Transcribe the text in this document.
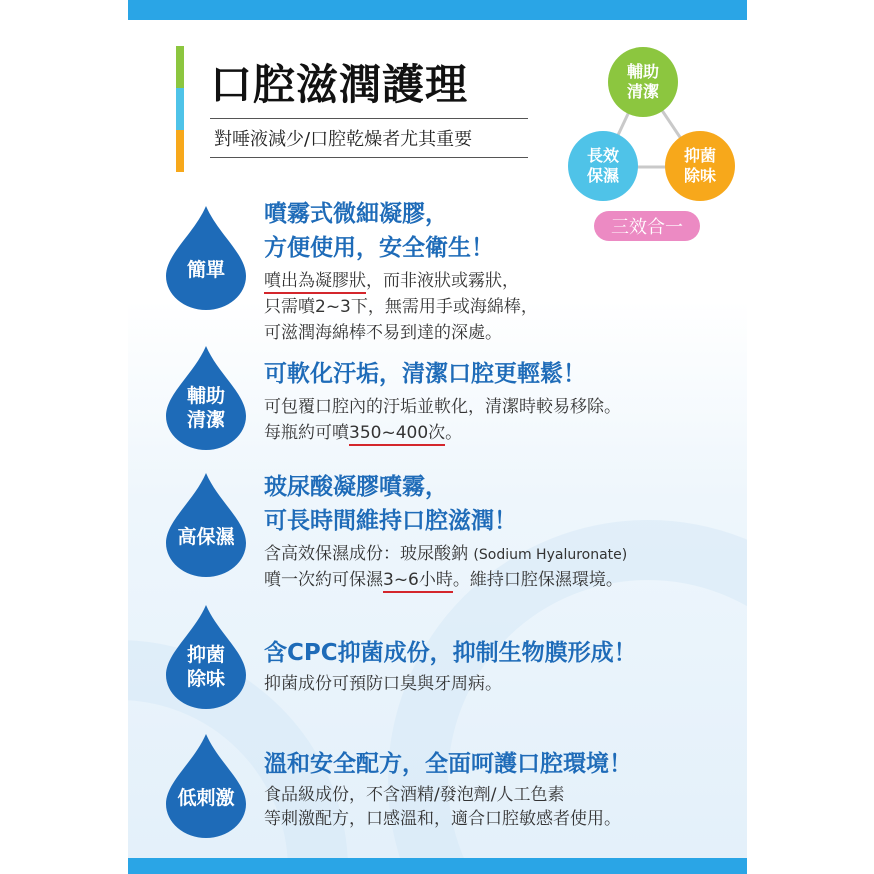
口腔滋潤護理
對唾液減少/口腔乾燥者尤其重要
輔助
清潔
長效
保濕
抑菌
除味
三效合一
簡單
噴霧式微細凝膠，
方便使用，安全衛生！
噴出為凝膠狀，而非液狀或霧狀，
只需噴2~3下，無需用手或海綿棒，
可滋潤海綿棒不易到達的深處。
輔助
清潔
可軟化汙垢，清潔口腔更輕鬆！
可包覆口腔內的汙垢並軟化，清潔時較易移除。
每瓶約可噴350~400次。
高保濕
玻尿酸凝膠噴霧，
可長時間維持口腔滋潤！
含高效保濕成份：玻尿酸鈉 (Sodium Hyaluronate)
噴一次約可保濕3~6小時。維持口腔保濕環境。
抑菌
除味
含CPC抑菌成份，抑制生物膜形成！
抑菌成份可預防口臭與牙周病。
低刺激
溫和安全配方，全面呵護口腔環境！
食品級成份，不含酒精/發泡劑/人工色素
等刺激配方，口感溫和，適合口腔敏感者使用。
